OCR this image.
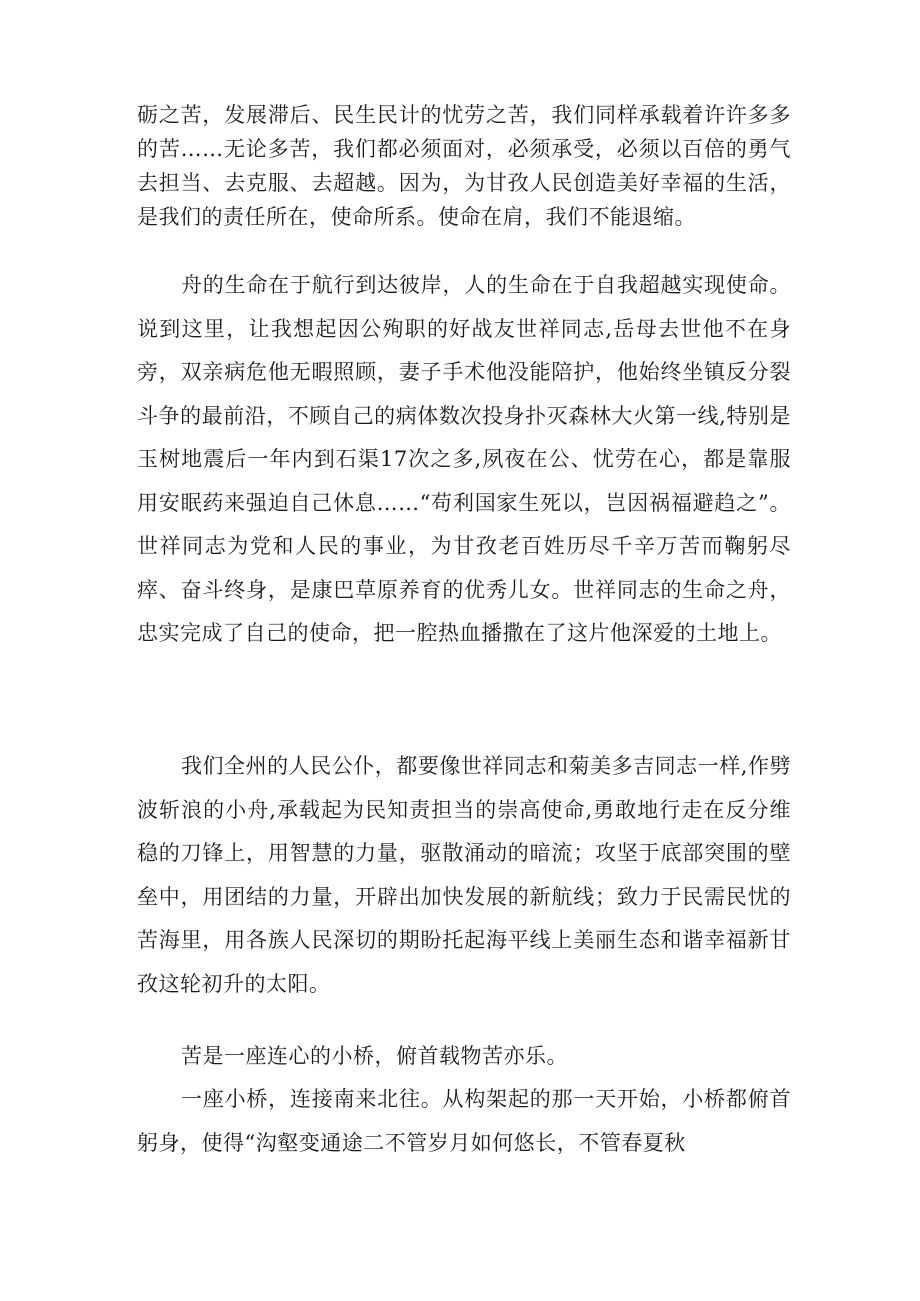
砺之苦，发展滞后、民生民计的忧劳之苦，我们同样承载着许许多多的苦……无论多苦，我们都必须面对，必须承受，必须以百倍的勇气去担当、去克服、去超越。因为，为甘孜人民创造美好幸福的生活，是我们的责任所在，使命所系。使命在肩，我们不能退缩。

舟的生命在于航行到达彼岸，人的生命在于自我超越实现使命。说到这里，让我想起因公殉职的好战友世祥同志,岳母去世他不在身旁，双亲病危他无暇照顾，妻子手术他没能陪护，他始终坐镇反分裂斗争的最前沿，不顾自己的病体数次投身扑灭森林大火第一线,特别是玉树地震后一年内到石渠17次之多,夙夜在公、忧劳在心，都是靠服用安眠药来强迫自己休息……“苟利国家生死以，岂因祸福避趋之”。世祥同志为党和人民的事业，为甘孜老百姓历尽千辛万苦而鞠躬尽瘁、奋斗终身，是康巴草原养育的优秀儿女。世祥同志的生命之舟，忠实完成了自己的使命，把一腔热血播撒在了这片他深爱的土地上。

我们全州的人民公仆，都要像世祥同志和菊美多吉同志一样,作劈波斩浪的小舟,承载起为民知责担当的崇高使命,勇敢地行走在反分维稳的刀锋上，用智慧的力量，驱散涌动的暗流；攻坚于底部突围的壁垒中，用团结的力量，开辟出加快发展的新航线；致力于民需民忧的苦海里，用各族人民深切的期盼托起海平线上美丽生态和谐幸福新甘孜这轮初升的太阳。

苦是一座连心的小桥，俯首载物苦亦乐。

一座小桥，连接南来北往。从构架起的那一天开始，小桥都俯首躬身，使得“沟壑变通途二不管岁月如何悠长，不管春夏秋
